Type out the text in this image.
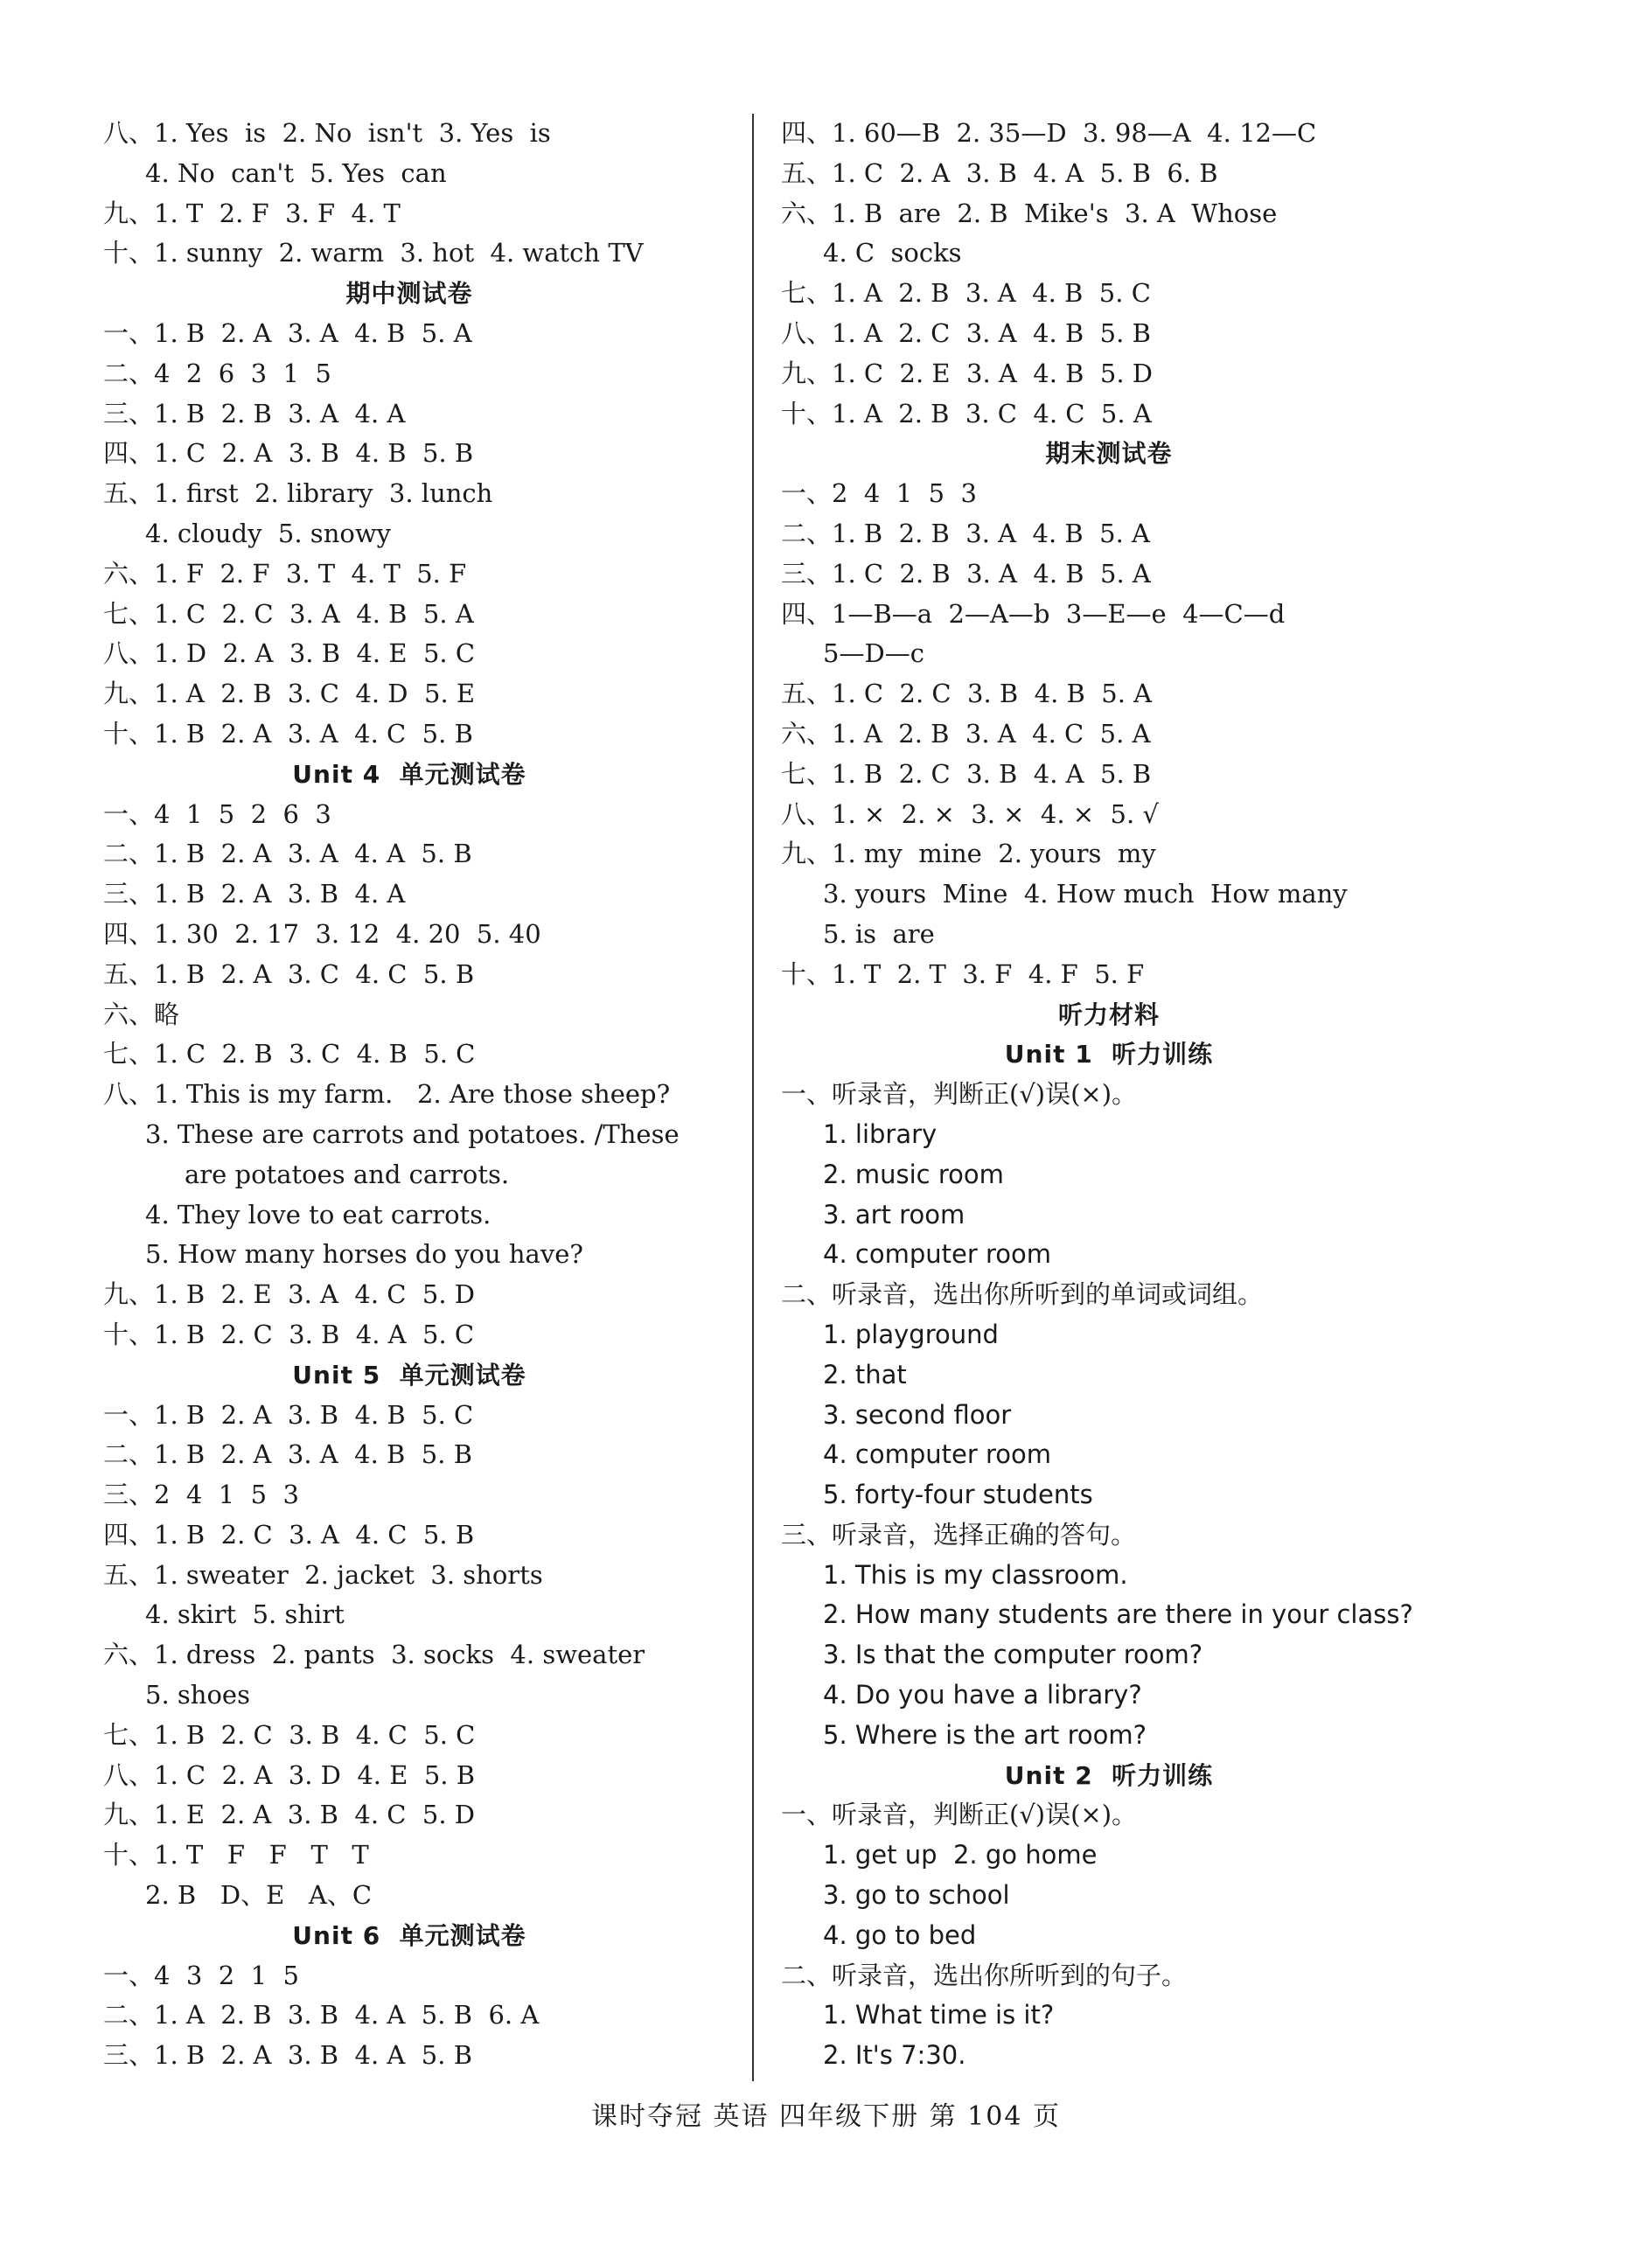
八、1. Yes  is  2. No  isn't  3. Yes  is
4. No  can't  5. Yes  can
九、1. T  2. F  3. F  4. T
十、1. sunny  2. warm  3. hot  4. watch TV
期中测试卷
一、1. B  2. A  3. A  4. B  5. A
二、4  2  6  3  1  5
三、1. B  2. B  3. A  4. A
四、1. C  2. A  3. B  4. B  5. B
五、1. first  2. library  3. lunch
4. cloudy  5. snowy
六、1. F  2. F  3. T  4. T  5. F
七、1. C  2. C  3. A  4. B  5. A
八、1. D  2. A  3. B  4. E  5. C
九、1. A  2. B  3. C  4. D  5. E
十、1. B  2. A  3. A  4. C  5. B
Unit 4  单元测试卷
一、4  1  5  2  6  3
二、1. B  2. A  3. A  4. A  5. B
三、1. B  2. A  3. B  4. A
四、1. 30  2. 17  3. 12  4. 20  5. 40
五、1. B  2. A  3. C  4. C  5. B
六、略
七、1. C  2. B  3. C  4. B  5. C
八、1. This is my farm.   2. Are those sheep?
3. These are carrots and potatoes. /These
are potatoes and carrots.
4. They love to eat carrots.
5. How many horses do you have?
九、1. B  2. E  3. A  4. C  5. D
十、1. B  2. C  3. B  4. A  5. C
Unit 5  单元测试卷
一、1. B  2. A  3. B  4. B  5. C
二、1. B  2. A  3. A  4. B  5. B
三、2  4  1  5  3
四、1. B  2. C  3. A  4. C  5. B
五、1. sweater  2. jacket  3. shorts
4. skirt  5. shirt
六、1. dress  2. pants  3. socks  4. sweater
5. shoes
七、1. B  2. C  3. B  4. C  5. C
八、1. C  2. A  3. D  4. E  5. B
九、1. E  2. A  3. B  4. C  5. D
十、1. T   F   F   T   T
2. B   D、E   A、C
Unit 6  单元测试卷
一、4  3  2  1  5
二、1. A  2. B  3. B  4. A  5. B  6. A
三、1. B  2. A  3. B  4. A  5. B
四、1. 60—B  2. 35—D  3. 98—A  4. 12—C
五、1. C  2. A  3. B  4. A  5. B  6. B
六、1. B  are  2. B  Mike's  3. A  Whose
4. C  socks
七、1. A  2. B  3. A  4. B  5. C
八、1. A  2. C  3. A  4. B  5. B
九、1. C  2. E  3. A  4. B  5. D
十、1. A  2. B  3. C  4. C  5. A
期末测试卷
一、2  4  1  5  3
二、1. B  2. B  3. A  4. B  5. A
三、1. C  2. B  3. A  4. B  5. A
四、1—B—a  2—A—b  3—E—e  4—C—d
5—D—c
五、1. C  2. C  3. B  4. B  5. A
六、1. A  2. B  3. A  4. C  5. A
七、1. B  2. C  3. B  4. A  5. B
八、1. ×  2. ×  3. ×  4. ×  5. √
九、1. my  mine  2. yours  my
3. yours  Mine  4. How much  How many
5. is  are
十、1. T  2. T  3. F  4. F  5. F
听力材料
Unit 1  听力训练
一、听录音，判断正(√)误(×)。
1. library
2. music room
3. art room
4. computer room
二、听录音，选出你所听到的单词或词组。
1. playground
2. that
3. second floor
4. computer room
5. forty-four students
三、听录音，选择正确的答句。
1. This is my classroom.
2. How many students are there in your class?
3. Is that the computer room?
4. Do you have a library?
5. Where is the art room?
Unit 2  听力训练
一、听录音，判断正(√)误(×)。
1. get up  2. go home
3. go to school
4. go to bed
二、听录音，选出你所听到的句子。
1. What time is it?
2. It's 7:30.
课时夺冠 英语 四年级下册 第 104 页
